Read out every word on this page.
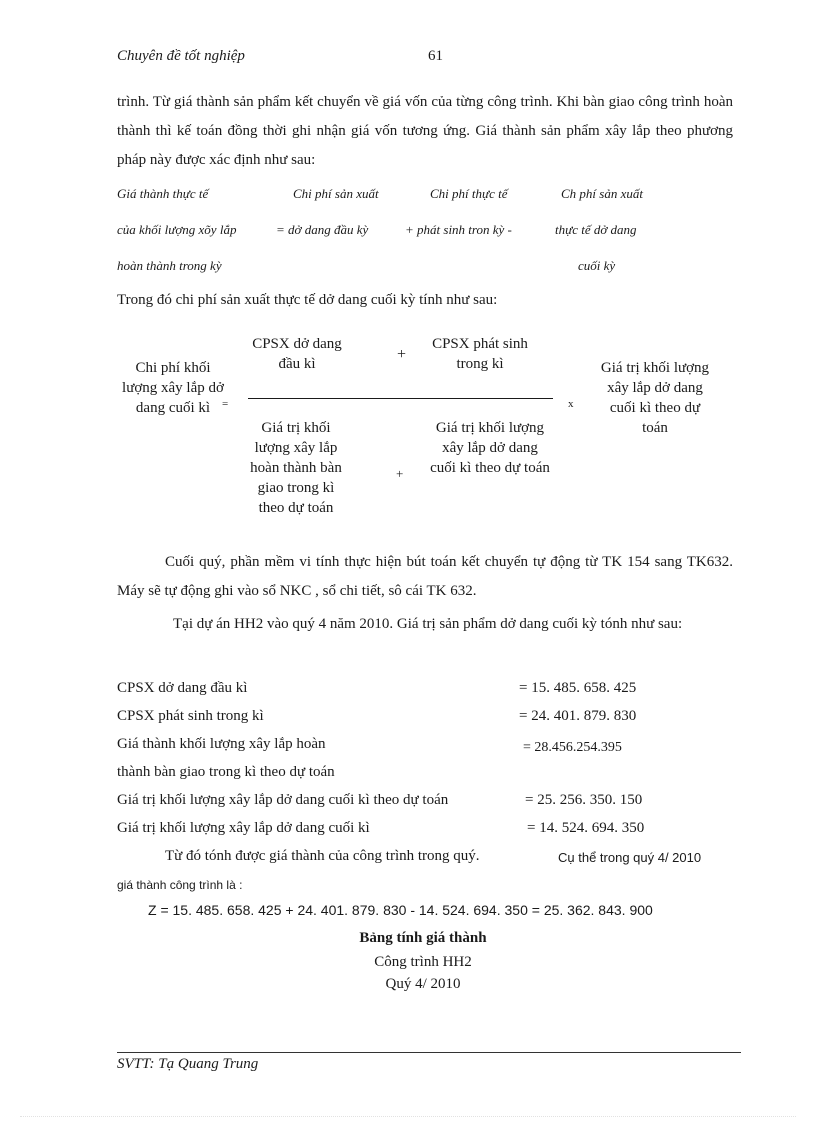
Chuyên đề tốt nghiệp	61
trình. Từ giá thành sản phẩm kết chuyển về giá vốn của từng công trình. Khi bàn giao công trình hoàn thành thì kế toán đồng thời ghi nhận giá vốn tương ứng. Giá thành sản phẩm xây lắp theo phương pháp này được xác định như sau:
Giá thành thực tế	Chi phí sản xuất	Chi phí thực tế	Ch phí sản xuất
của khối lượng xõy lắp	= dở dang đầu kỳ	+ phát sinh tron kỳ -	thực tế dở dang
hoàn thành trong kỳ	cuối kỳ
Trong đó chi phí sản xuất thực tế dở dang cuối kỳ tính như sau:
Chi phí khối lượng xây lắp dở dang cuối kì	=
CPSX dở dang đầu kì
+
CPSX phát sinh trong kì
Giá trị khối lượng xây lắp hoàn thành bàn giao trong kì theo dự toán
+
Giá trị khối lượng xây lắp dở dang cuối kì theo dự toán
x
Giá trị khối lượng xây lắp dở dang cuối kì theo dự toán
Cuối quý, phần mềm vi tính thực hiện bút toán kết chuyển tự động từ TK 154 sang TK632. Máy sẽ tự động ghi vào sổ NKC , sổ chi tiết, sô cái TK 632.
Tại dự án HH2 vào quý 4 năm 2010. Giá trị sản phẩm dở dang cuối kỳ tónh như sau:
CPSX dở dang đầu kì	= 15. 485. 658. 425
CPSX phát sinh trong kì	= 24. 401. 879. 830
Giá thành khối lượng xây lắp hoàn
thành bàn giao trong kì theo dự toán
= 28.456.254.395
Giá trị khối lượng xây lắp dở dang cuối kì theo dự toán	= 25. 256. 350. 150
Giá trị khối lượng xây lắp dở dang cuối kì	= 14. 524. 694. 350
Từ đó tónh được giá thành của công trình trong quý.	Cụ thể trong quý 4/ 2010
giá thành công trình là :
Z = 15. 485. 658. 425 + 24. 401. 879. 830 - 14. 524. 694. 350 = 25. 362. 843. 900
Bảng tính giá thành
Công trình HH2
Quý 4/ 2010
SVTT: Tạ Quang Trung
